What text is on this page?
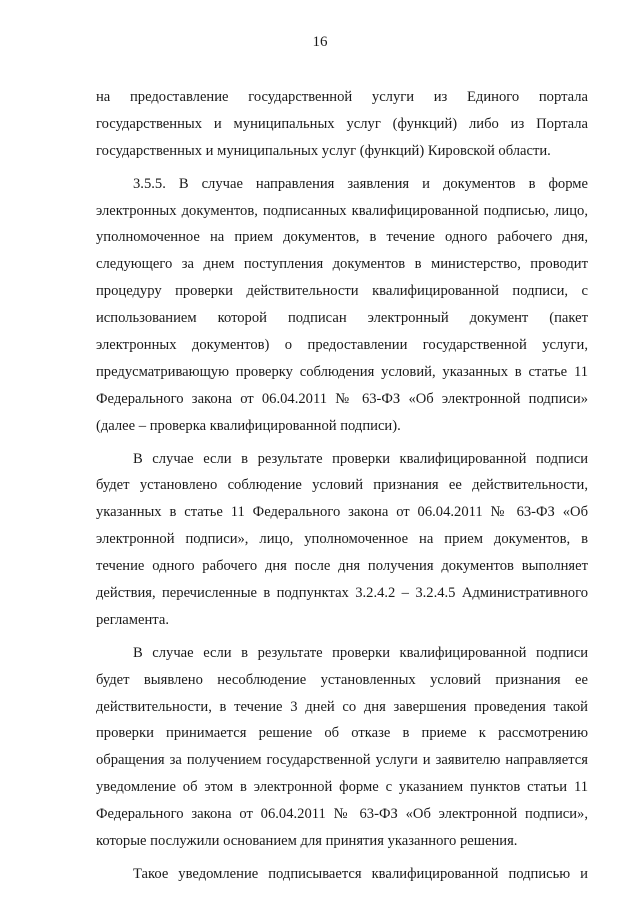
16
на предоставление государственной услуги из Единого портала
государственных и муниципальных услуг (функций) либо из Портала
государственных и муниципальных услуг (функций) Кировской области.
3.5.5. В случае направления заявления и документов в форме
электронных документов, подписанных квалифицированной подписью, лицо,
уполномоченное на прием документов, в течение одного рабочего дня,
следующего за днем поступления документов в министерство, проводит
процедуру проверки действительности квалифицированной подписи, с
использованием которой подписан электронный документ (пакет
электронных документов) о предоставлении государственной услуги,
предусматривающую проверку соблюдения условий, указанных в статье 11
Федерального закона от 06.04.2011 № 63-ФЗ «Об электронной подписи»
(далее – проверка квалифицированной подписи).
В случае если в результате проверки квалифицированной подписи
будет установлено соблюдение условий признания ее действительности,
указанных в статье 11 Федерального закона от 06.04.2011 № 63-ФЗ «Об
электронной подписи», лицо, уполномоченное на прием документов, в
течение одного рабочего дня после дня получения документов выполняет
действия, перечисленные в подпунктах 3.2.4.2 – 3.2.4.5 Административного
регламента.
В случае если в результате проверки квалифицированной подписи
будет выявлено несоблюдение установленных условий признания ее
действительности, в течение 3 дней со дня завершения проведения такой
проверки принимается решение об отказе в приеме к рассмотрению
обращения за получением государственной услуги и заявителю направляется
уведомление об этом в электронной форме с указанием пунктов статьи 11
Федерального закона от 06.04.2011 № 63-ФЗ «Об электронной подписи»,
которые послужили основанием для принятия указанного решения.
Такое уведомление подписывается квалифицированной подписью и
